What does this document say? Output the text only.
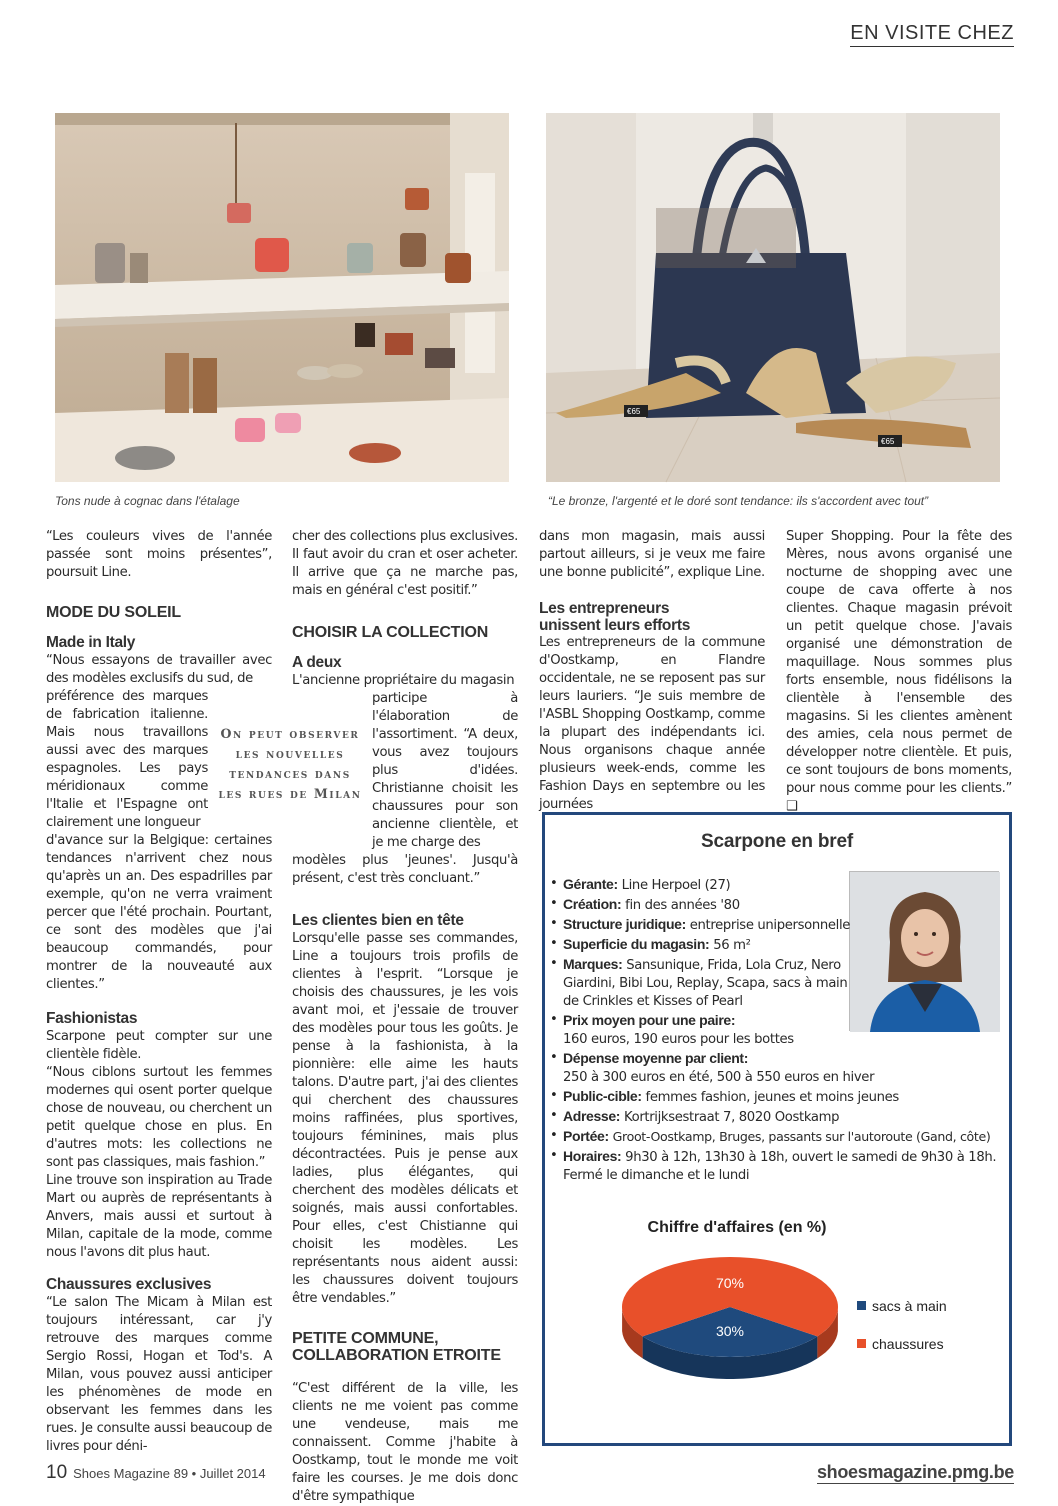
EN VISITE CHEZ
Tons nude à cognac dans l'étalage
€65
€65
“Le bronze, l'argenté et le doré sont tendance: ils s'accordent avec tout”

“Les couleurs vives de l'année passée sont moins présentes”, poursuit Line.

MODE DU SOLEIL
Made in Italy

“Nous essayons de travailler avec des modèles exclusifs du sud, de

préférence des marques de fabrication italienne. Mais nous travaillons aussi avec des marques espagnoles. Les pays méridionaux comme l'Italie et l'Espagne ont clairement une longueur

d'avance sur la Belgique: certaines tendances n'arrivent chez nous qu'après un an. Des espadrilles par exemple, qu'on ne verra vraiment percer que l'été prochain. Pourtant, ce sont des modèles que j'ai beaucoup commandés, pour montrer de la nouveauté aux clientes.”

Fashionistas

Scarpone peut compter sur une clientèle fidèle.

“Nous ciblons surtout les femmes modernes qui osent porter quelque chose de nouveau, ou cherchent un petit quelque chose en plus. En d'autres mots: les collections ne sont pas classiques, mais fashion.”

Line trouve son inspiration au Trade Mart ou auprès de représentants à Anvers, mais aussi et surtout à Milan, capitale de la mode, comme nous l'avons dit plus haut.

Chaussures exclusives

“Le salon The Micam à Milan est toujours intéressant, car j'y retrouve des marques comme Sergio Rossi, Hogan et Tod's. A Milan, vous pouvez aussi anticiper les phénomènes de mode en observant les femmes dans les rues. Je consulte aussi beaucoup de livres pour déni-

On peut observer les nouvelles tendances dans les rues de Milan

cher des collections plus exclusives. Il faut avoir du cran et oser acheter. Il arrive que ça ne marche pas, mais en général c'est positif.”

CHOISIR LA COLLECTION
A deux

L'ancienne propriétaire du magasin

participe à l'élaboration de l'assortiment. “A deux, vous avez toujours plus d'idées. Christianne choisit les chaussures pour son ancienne clientèle, et je me charge des

modèles plus 'jeunes'. Jusqu'à présent, c'est très concluant.”

Les clientes bien en tête

Lorsqu'elle passe ses commandes, Line a toujours trois profils de clientes à l'esprit. “Lorsque je choisis des chaussures, je les vois avant moi, et j'essaie de trouver des modèles pour tous les goûts. Je pense à la fashionista, à la pionnière: elle aime les hauts talons. D'autre part, j'ai des clientes qui cherchent des chaussures moins raffinées, plus sportives, toujours féminines, mais plus décontractées. Puis je pense aux ladies, plus élégantes, qui cherchent des modèles délicats et soignés, mais aussi confortables. Pour elles, c'est Chistianne qui choisit les modèles. Les représentants nous aident aussi: les chaussures doivent toujours être vendables.”

PETITE COMMUNE, COLLABORATION ETROITE

“C'est différent de la ville, les clients ne me voient pas comme une vendeuse, mais me connaissent. Comme j'habite à Oostkamp, tout le monde me voit faire les courses. Je me dois donc d'être sympathique

dans mon magasin, mais aussi partout ailleurs, si je veux me faire une bonne publicité”, explique Line.

Les entrepreneurs unissent leurs efforts

Les entrepreneurs de la commune d'Oostkamp, en Flandre occidentale, ne se reposent pas sur leurs lauriers. “Je suis membre de l'ASBL Shopping Oostkamp, comme la plupart des indépendants ici. Nous organisons chaque année plusieurs week-ends, comme les Fashion Days en septembre ou les journées

Super Shopping. Pour la fête des Mères, nous avons organisé une nocturne de shopping avec une coupe de cava offerte à nos clientes. Chaque magasin prévoit un petit quelque chose. J'avais organisé une démonstration de maquillage. Nous sommes plus forts ensemble, nous fidélisons la clientèle à l'ensemble des magasins. Si les clientes amènent des amies, cela nous permet de développer notre clientèle. Et puis, ce sont toujours de bons moments, pour nous comme pour les clients.” ❑

Scarpone en bref
• Gérante: Line Herpoel (27)
• Création: fin des années '80
• Structure juridique: entreprise unipersonnelle
• Superficie du magasin: 56 m²
• Marques: Sansunique, Frida, Lola Cruz, Nero Giardini, Bibi Lou, Replay, Scapa, sacs à main de Crinkles et Kisses of Pearl
• Prix moyen pour une paire:
160 euros, 190 euros pour les bottes
• Dépense moyenne par client:
250 à 300 euros en été, 500 à 550 euros en hiver
• Public-cible: femmes fashion, jeunes et moins jeunes
• Adresse: Kortrijksestraat 7, 8020 Oostkamp
• Portée: Groot-Oostkamp, Bruges, passants sur l'autoroute (Gand, côte)
• Horaires: 9h30 à 12h, 13h30 à 18h, ouvert le samedi de 9h30 à 18h. Fermé le dimanche et le lundi
Chiffre d'affaires (en %)
30%
70%
sacs à main
chaussures
10 Shoes Magazine 89 • Juillet 2014	shoesmagazine.pmg.be
